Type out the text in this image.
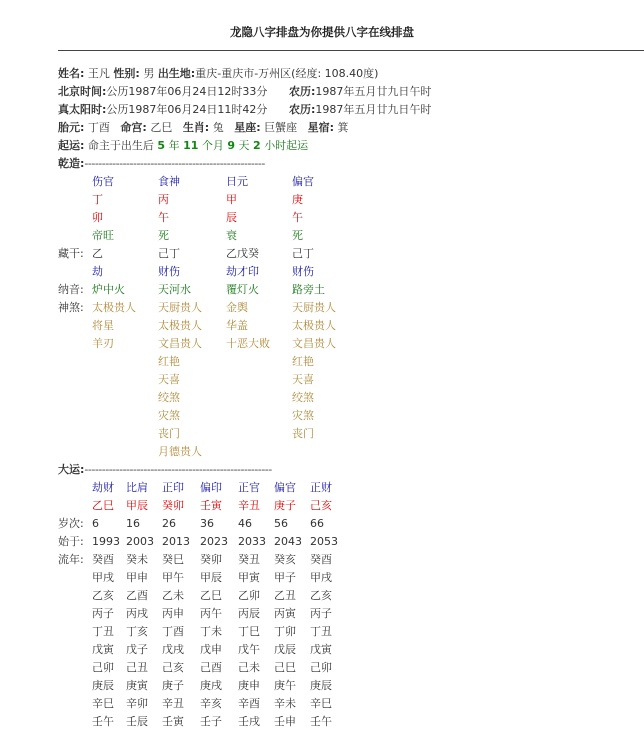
龙隐八字排盘为你提供八字在线排盘
姓名: 王凡 性别: 男 出生地:重庆-重庆市-万州区(经度: 108.40度)
北京时间:公历1987年06月24日12时33分 农历:1987年五月廿九日午时
真太阳时:公历1987年06月24日11时42分 农历:1987年五月廿九日午时
胎元: 丁酉 命宫: 乙巳 生肖: 兔 星座: 巨蟹座 星宿: 箕
起运: 命主于出生后 5 年 11 个月 9 天 2 小时起运
乾造:----------------------------------------------------
藏干:
纳音:
神煞:
伤官
丁
卯
帝旺
乙
劫
炉中火
太极贵人
将星
羊刃
食神
丙
午
死
己丁
财伤
天河水
天厨贵人
太极贵人
文昌贵人
红艳
天喜
绞煞
灾煞
丧门
月德贵人
日元
甲
辰
衰
乙戊癸
劫才印
覆灯火
金舆
华盖
十恶大败
偏官
庚
午
死
己丁
财伤
路旁土
天厨贵人
太极贵人
文昌贵人
红艳
天喜
绞煞
灾煞
丧门
大运:------------------------------------------------------
岁次:
始于:
流年:
劫财
乙巳
6
1993
癸酉
甲戌
乙亥
丙子
丁丑
戊寅
己卯
庚辰
辛巳
壬午
比肩
甲辰
16
2003
癸未
甲申
乙酉
丙戌
丁亥
戊子
己丑
庚寅
辛卯
壬辰
正印
癸卯
26
2013
癸巳
甲午
乙未
丙申
丁酉
戊戌
己亥
庚子
辛丑
壬寅
偏印
壬寅
36
2023
癸卯
甲辰
乙巳
丙午
丁未
戊申
己酉
庚戌
辛亥
壬子
正官
辛丑
46
2033
癸丑
甲寅
乙卯
丙辰
丁巳
戊午
己未
庚申
辛酉
壬戌
偏官
庚子
56
2043
癸亥
甲子
乙丑
丙寅
丁卯
戊辰
己巳
庚午
辛未
壬申
正财
己亥
66
2053
癸酉
甲戌
乙亥
丙子
丁丑
戊寅
己卯
庚辰
辛巳
壬午
